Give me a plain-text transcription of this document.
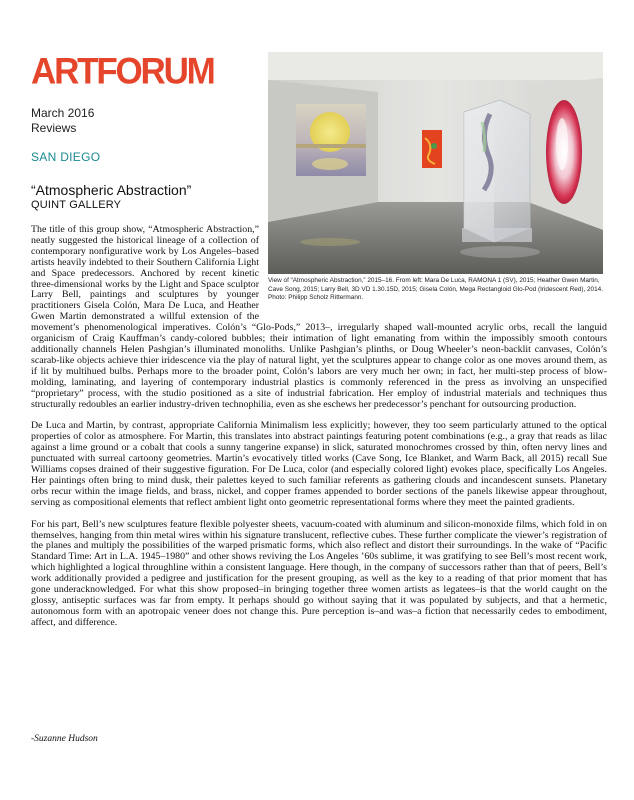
ARTFORUM
March 2016
Reviews
SAN DIEGO
“Atmospheric Abstraction”
QUINT GALLERY
View of “Atmospheric Abstraction,” 2015–16. From left: Mara De Luca, RAMONA 1 (SV), 2015; Heather Gwen Martin, Cave Song, 2015; Larry Bell, 3D VD 1.30.15D, 2015; Gisela Colón, Mega Rectangloid Glo-Pod (Iridescent Red), 2014. Photo: Philipp Scholz Rittermann.

The title of this group show, “Atmospheric Abstraction,” neatly suggested the historical lineage of a collection of contemporary nonfigurative work by Los Angeles–based artists heavily indebted to their Southern California Light and Space predecessors. Anchored by recent kinetic three-dimensional works by the Light and Space sculptor Larry Bell, paintings and sculptures by younger practitioners Gisela Colón, Mara De Luca, and Heather Gwen Martin demonstrated a willful extension of the movement’s phenomenological imperatives. Colón’s “Glo-Pods,” 2013–, irregularly shaped wall-mounted acrylic orbs, recall the languid organicism of Craig Kauffman’s candy-colored bubbles; their intimation of light emanating from within the impossibly smooth contours additionally channels Helen Pashgian’s illuminated monoliths. Unlike Pashgian’s plinths, or Doug Wheeler’s neon-backlit canvases, Colón’s scarab-like objects achieve thier iridescence via the play of natural light, yet the sculptures appear to change color as one moves around them, as if lit by multihued bulbs. Perhaps more to the broader point, Colón’s labors are very much her own; in fact, her multi-step process of blow-molding, laminating, and layering of contemporary industrial plastics is commonly referenced in the press as involving an unspecified “proprietary” process, with the studio positioned as a site of industrial fabrication. Her employ of industrial materials and techniques thus structurally redoubles an earlier industry-driven technophilia, even as she eschews her predecessor’s penchant for outsourcing production.

De Luca and Martin, by contrast, appropriate California Minimalism less explicitly; however, they too seem particularly attuned to the optical properties of color as atmosphere. For Martin, this translates into abstract paintings featuring potent combinations (e.g., a gray that reads as lilac against a lime ground or a cobalt that cools a sunny tangerine expanse) in slick, saturated monochromes crossed by thin, often nervy lines and punctuated with surreal cartoony geometries. Martin’s evocatively titled works (Cave Song, Ice Blanket, and Warm Back, all 2015) recall Sue Williams copses drained of their suggestive figuration. For De Luca, color (and especially colored light) evokes place, specifically Los Angeles. Her paintings often bring to mind dusk, their palettes keyed to such familiar referents as gathering clouds and incandescent sunsets. Planetary orbs recur within the image fields, and brass, nickel, and copper frames appended to border sections of the panels likewise appear throughout, serving as compositional elements that reflect ambient light onto geometric representational forms where they meet the painted gradients.

For his part, Bell’s new sculptures feature flexible polyester sheets, vacuum-coated with aluminum and silicon-monoxide films, which fold in on themselves, hanging from thin metal wires within his signature translucent, reflective cubes. These further complicate the viewer’s registration of the planes and multiply the possibilities of the warped prismatic forms, which also reflect and distort their surroundings. In the wake of “Pacific Standard Time: Art in L.A. 1945–1980” and other shows reviving the Los Angeles ’60s sublime, it was gratifying to see Bell’s most recent work, which highlighted a logical throughline within a consistent language. Here though, in the company of successors rather than that of peers, Bell’s work additionally provided a pedigree and justification for the present grouping, as well as the key to a reading of that prior moment that has gone underacknowledged. For what this show proposed–in bringing together three women artists as legatees–is that the world caught on the glossy, antiseptic surfaces was far from empty. It perhaps should go without saying that it was populated by subjects, and that a hermetic, autonomous form with an apotropaic veneer does not change this. Pure perception is–and was–a fiction that necessarily cedes to embodiment, affect, and difference.

-Suzanne Hudson
